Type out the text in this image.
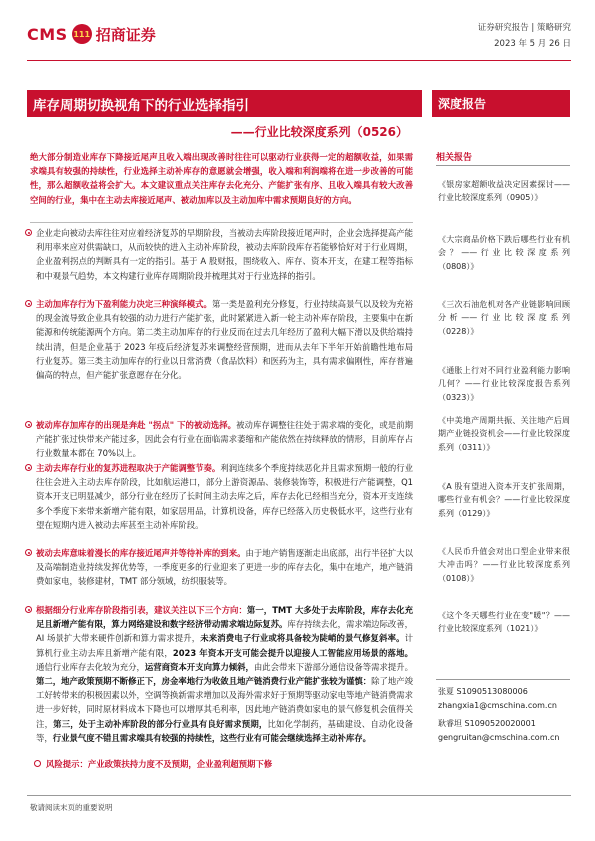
CMS 111 招商证券	证券研究报告 | 策略研究
2023 年 5 月 26 日
库存周期切换视角下的行业选择指引
——行业比较深度系列（0526）
绝大部分制造业库存下降接近尾声且收入端出现改善时往往可以驱动行业获得一定的超额收益，如果需求端具有较强的持续性，行业选择主动补库存的意愿就会增强，收入端和利润端将在进一步改善的可能性，那么超额收益将会扩大。本文建议重点关注库存去化充分、产能扩张有序、且收入端具有较大改善空间的行业，集中在主动去库接近尾声、被动加库以及主动加库中需求预期良好的方向。
企业走向被动去库往往对应着经济复苏的早期阶段，当被动去库阶段接近尾声时，企业会选择提高产能利用率来应对供需缺口，从而较快的进入主动补库阶段，被动去库阶段库存若能够恰好对于行业周期，企业盈利拐点的判断具有一定的指引。基于 A 股财报，围绕收入、库存、资本开支，在建工程等指标和中观景气趋势，本文构建行业库存周期阶段并梳理其对于行业选择的指引。
主动加库存行为下盈利能力决定三种演绎模式。第一类是盈利充分修复，行业持续高景气以及较为充裕的现金流导致企业具有较强的动力进行产能扩张，此时紧紧进入新一轮主动补库存阶段，主要集中在新能源和传统能源两个方向。第二类主动加库存的行业反而在过去几年经历了盈利大幅下滑以及供给端持续出清，但是企业基于 2023 年疫后经济复苏来调整经营预期，进而从去年下半年开始前瞻性地布局行业复苏。第三类主动加库存的行业以日常消费（食品饮料）和医药为主，具有需求偏刚性，库存普遍偏高的特点，但产能扩张意愿存在分化。
被动库存加库存的出现是奔赴 "拐点" 下的被动选择。被动库存调整往往处于需求端的变化，或是前期产能扩张过快带来产能过多，因此会有行业在面临需求萎缩和产能依然在持续释放的情形，目前库存占行业数量本都在 70%以上。
主动去库存行业的复苏进程取决于产能调整节奏。利润连续多个季度持续恶化并且需求预期一般的行业往往会进入主动去库存阶段，比如航运港口，部分上游资源品、装修装饰等，积极进行产能调整，Q1 资本开支已明显减少，部分行业在经历了长时间主动去库之后，库存去化已经相当充分，资本开支连续多个季度下来带来新增产能有限，如家居用品，计算机设备，库存已经落入历史极低水平，这些行业有望在短期内进入被动去库甚至主动补库阶段。
被动去库意味着漫长的库存接近尾声并等待补库的到来。由于地产销售逐渐走出底部，出行半径扩大以及高端制造业持续发挥优势等，一季度更多的行业迎来了更进一步的库存去化，集中在地产，地产链消费如家电，装修建材，TMT 部分领域，纺织服装等。
根据细分行业库存阶段指引表，建议关注以下三个方向：第一，TMT 大多处于去库阶段，库存去化充足且新增产能有限，算力网络建设和数字经济带动需求端边际复苏。库存持续去化，需求端边际改善，AI 场景扩大带来硬件创新和算力需求提升，未来消费电子行业或将具备较为陡峭的景气修复斜率。计算机行业主动去库且新增产能有限，2023 年资本开支可能会提升以迎接人工智能应用场景的落地。通信行业库存去化较为充分，运营商资本开支向算力倾斜，由此会带来下游部分通信设备等需求提升。第二，地产政策预期不断修正下，房金率地行为收敛且地产链消费行业产能扩张较为谨慎：除了地产竣工好转带来的积极因素以外，空调等换新需求增加以及海外需求好于预期等驱动家电等地产链消费需求进一步好转，同时原材料成本下降也可以增厚其毛利率，因此地产链消费如家电的景气修复机会值得关注，第三，处于主动补库阶段的部分行业具有良好需求预期，比如化学制药，基础建设、自动化设备等，行业景气度不错且需求端具有较强的持续性，这些行业有可能会继续选择主动补库存。
风险提示：产业政策扶持力度不及预期，企业盈利超预期下修
深度报告
相关报告
《银房家超额收益决定因素探讨——行业比较深度系列（0905）》
《大宗商品价格下跌后哪些行业有机会？——行业比较深度系列（0808）》
《三次石油危机对各产业链影响回顾分析——行业比较深度系列（0228）》
《通胀上行对不同行业盈利能力影响几何？——行业比较深度报告系列（0323）》
《中美地产周期共振、关注地产后周期产业链投资机会——行业比较深度系列（0311）》
《A 股有望进入资本开支扩张周期，哪些行业有机会？——行业比较深度系列（0129）》
《人民币升值会对出口型企业带来很大冲击吗？——行业比较深度系列（0108）》
《这个冬天哪些行业在变"暖"？——行业比较深度系列（1021）》
张夏 S1090513080006
zhangxia1@cmschina.com.cn
耿睿坦 S1090520020001
gengruitan@cmschina.com.cn
敬请阅读末页的重要说明
